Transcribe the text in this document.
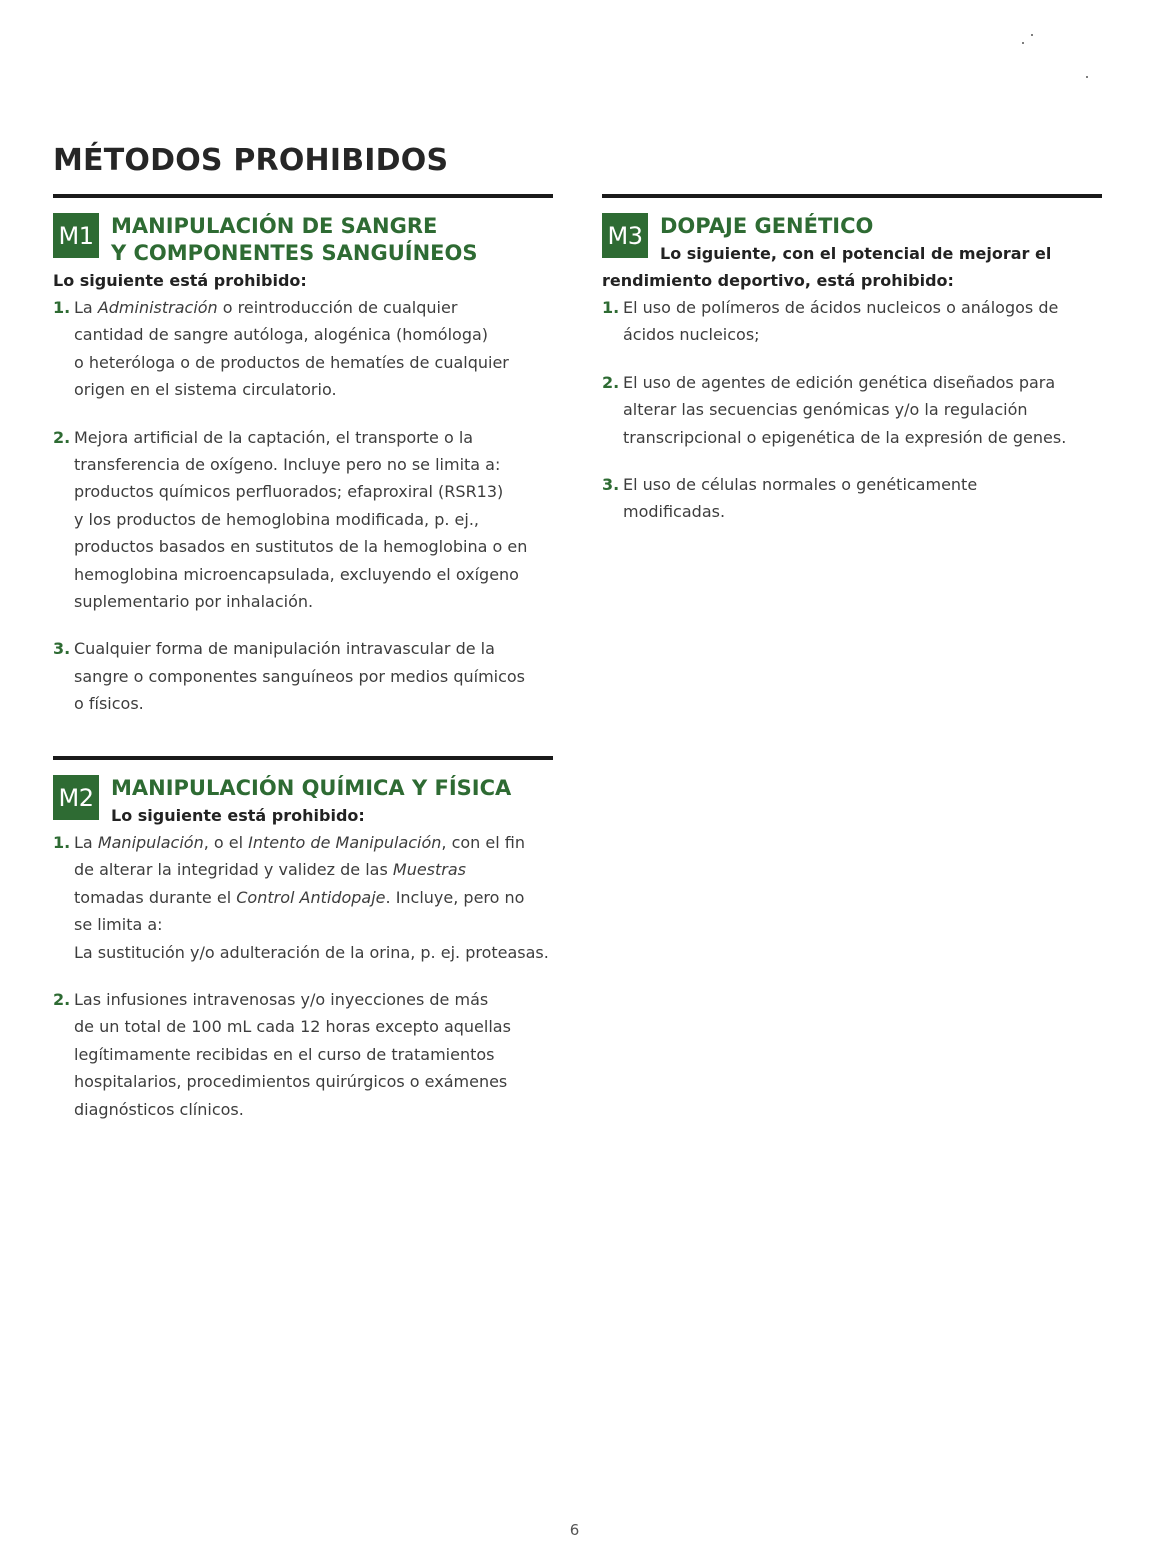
MÉTODOS PROHIBIDOS
M1 MANIPULACIÓN DE SANGRE
Y COMPONENTES SANGUÍNEOS
Lo siguiente está prohibido:
1. La Administración o reintroducción de cualquier
cantidad de sangre autóloga, alogénica (homóloga)
o heteróloga o de productos de hematíes de cualquier
origen en el sistema circulatorio.
2. Mejora artificial de la captación, el transporte o la
transferencia de oxígeno. Incluye pero no se limita a:
productos químicos perfluorados; efaproxiral (RSR13)
y los productos de hemoglobina modificada, p. ej.,
productos basados en sustitutos de la hemoglobina o en
hemoglobina microencapsulada, excluyendo el oxígeno
suplementario por inhalación.
3. Cualquier forma de manipulación intravascular de la
sangre o componentes sanguíneos por medios químicos
o físicos.
M2 MANIPULACIÓN QUÍMICA Y FÍSICA
Lo siguiente está prohibido:
1. La Manipulación, o el Intento de Manipulación, con el fin
de alterar la integridad y validez de las Muestras
tomadas durante el Control Antidopaje. Incluye, pero no
se limita a:
La sustitución y/o adulteración de la orina, p. ej. proteasas.
2. Las infusiones intravenosas y/o inyecciones de más
de un total de 100 mL cada 12 horas excepto aquellas
legítimamente recibidas en el curso de tratamientos
hospitalarios, procedimientos quirúrgicos o exámenes
diagnósticos clínicos.
M3 DOPAJE GENÉTICO
Lo siguiente, con el potencial de mejorar el
rendimiento deportivo, está prohibido:
1. El uso de polímeros de ácidos nucleicos o análogos de
ácidos nucleicos;
2. El uso de agentes de edición genética diseñados para
alterar las secuencias genómicas y/o la regulación
transcripcional o epigenética de la expresión de genes.
3. El uso de células normales o genéticamente
modificadas.
6
